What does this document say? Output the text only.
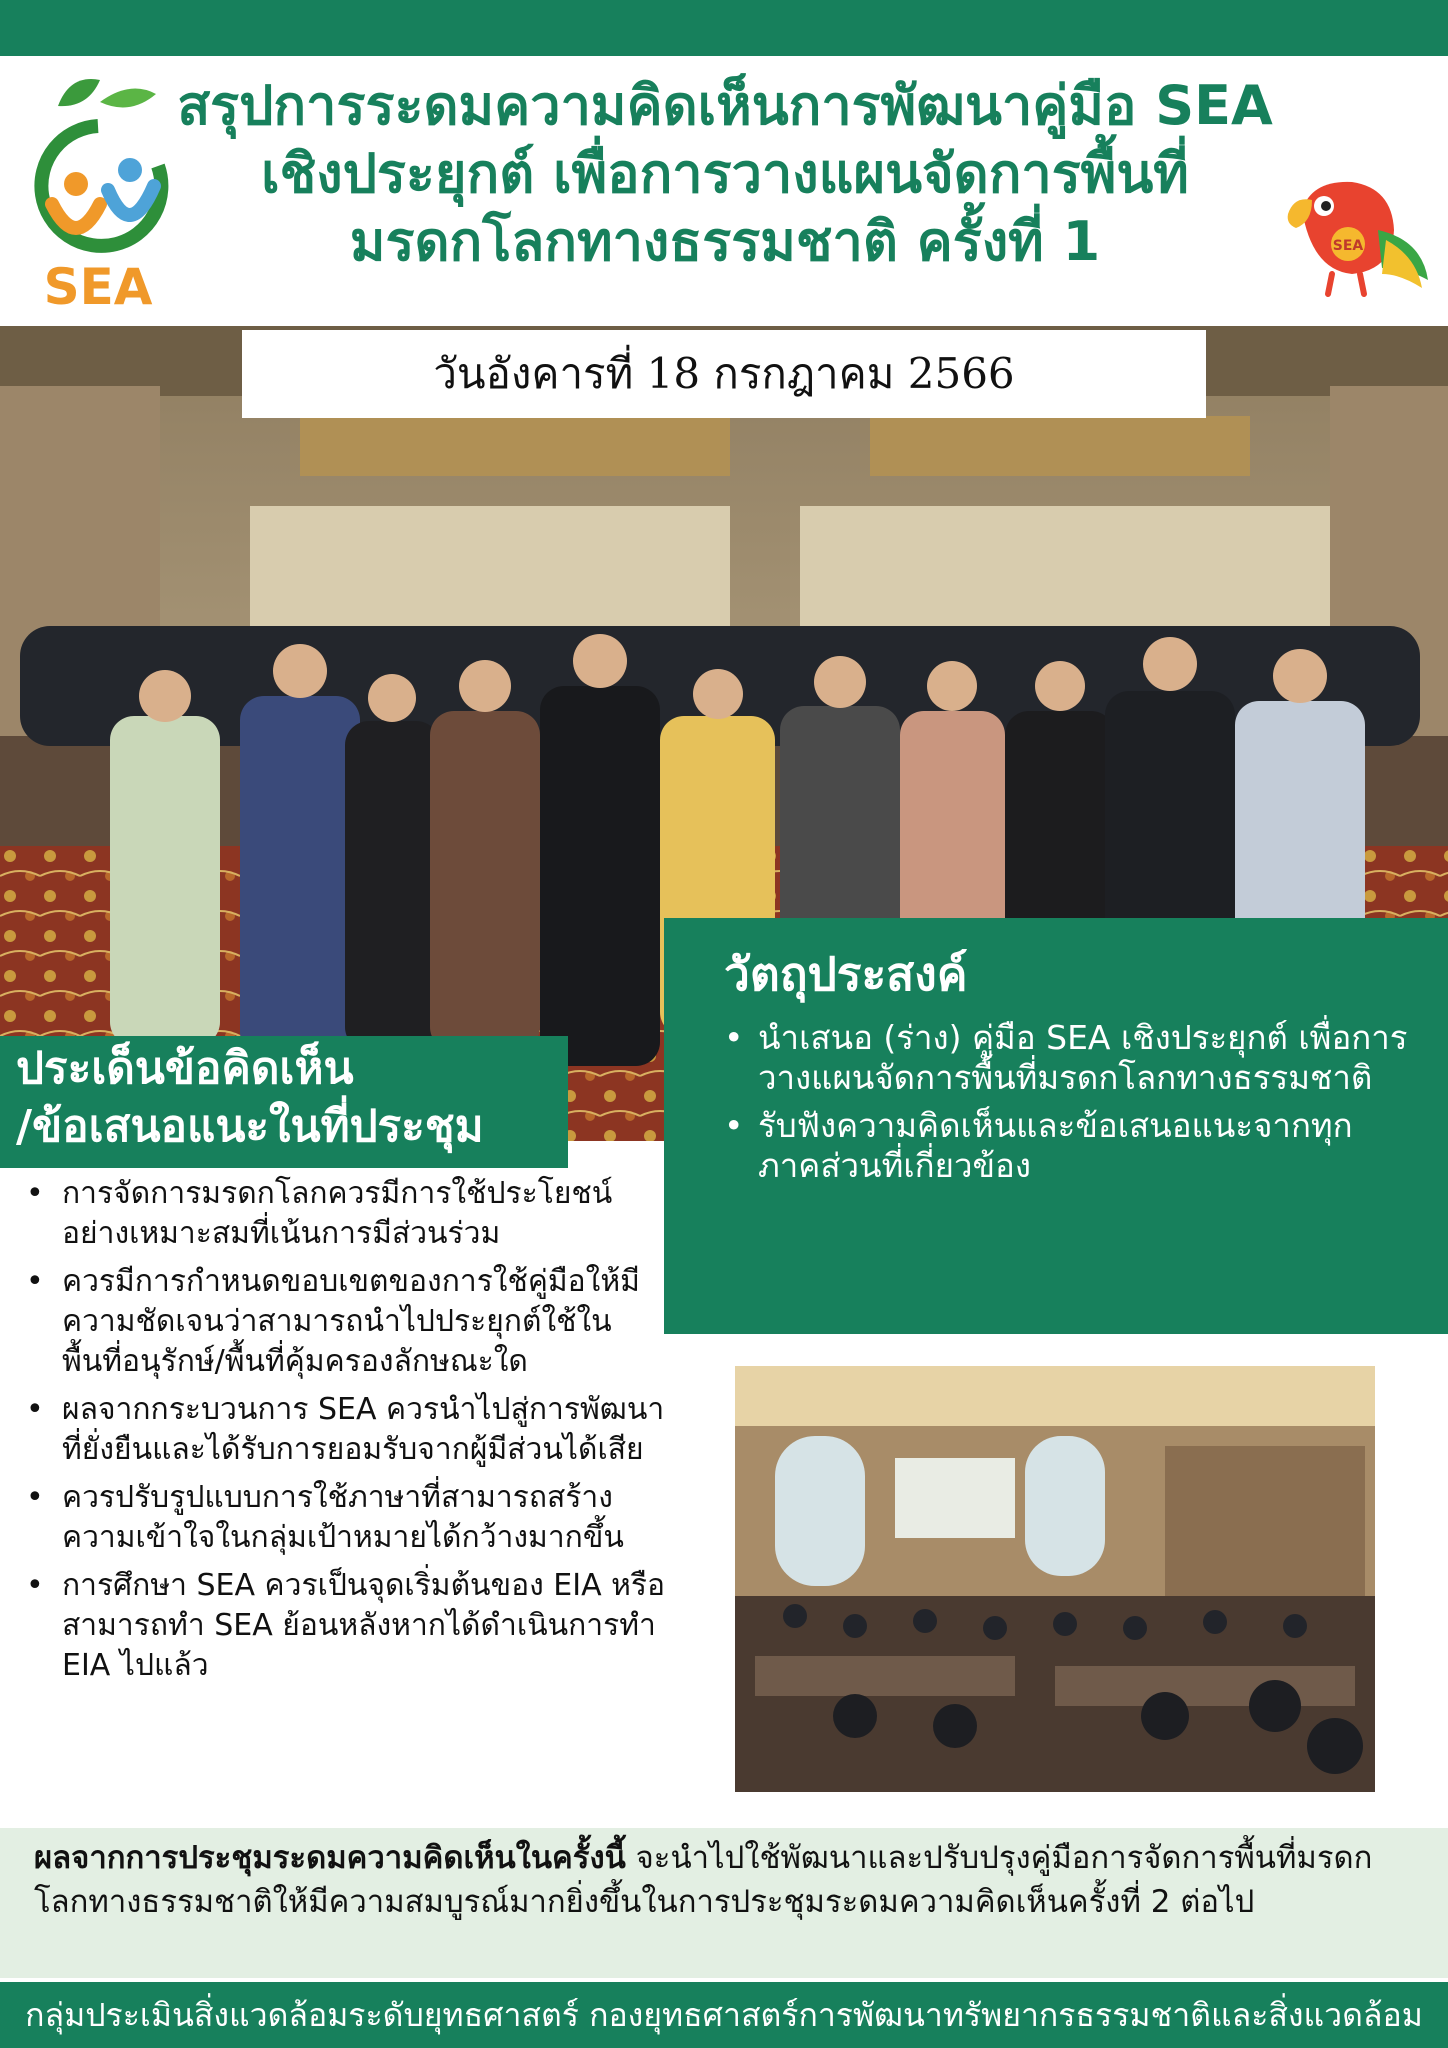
SEA
สรุปการระดมความคิดเห็นการพัฒนาคู่มือ SEA
เชิงประยุกต์ เพื่อการวางแผนจัดการพื้นที่
มรดกโลกทางธรรมชาติ ครั้งที่ 1	SEA
วันอังคารที่ 18 กรกฎาคม 2566
วัตถุประสงค์
• นำเสนอ (ร่าง) คู่มือ SEA เชิงประยุกต์ เพื่อการวางแผนจัดการพื้นที่มรดกโลกทางธรรมชาติ
• รับฟังความคิดเห็นและข้อเสนอแนะจากทุกภาคส่วนที่เกี่ยวข้อง
ประเด็นข้อคิดเห็น
/ข้อเสนอแนะในที่ประชุม
• การจัดการมรดกโลกควรมีการใช้ประโยชน์อย่างเหมาะสมที่เน้นการมีส่วนร่วม
• ควรมีการกำหนดขอบเขตของการใช้คู่มือให้มีความชัดเจนว่าสามารถนำไปประยุกต์ใช้ในพื้นที่อนุรักษ์/พื้นที่คุ้มครองลักษณะใด
• ผลจากกระบวนการ SEA ควรนำไปสู่การพัฒนาที่ยั่งยืนและได้รับการยอมรับจากผู้มีส่วนได้เสีย
• ควรปรับรูปแบบการใช้ภาษาที่สามารถสร้างความเข้าใจในกลุ่มเป้าหมายได้กว้างมากขึ้น
• การศึกษา SEA ควรเป็นจุดเริ่มต้นของ EIA หรือสามารถทำ SEA ย้อนหลังหากได้ดำเนินการทำ EIA ไปแล้ว
ผลจากการประชุมระดมความคิดเห็นในครั้งนี้ จะนำไปใช้พัฒนาและปรับปรุงคู่มือการจัดการพื้นที่มรดกโลกทางธรรมชาติให้มีความสมบูรณ์มากยิ่งขึ้นในการประชุมระดมความคิดเห็นครั้งที่ 2 ต่อไป
กลุ่มประเมินสิ่งแวดล้อมระดับยุทธศาสตร์ กองยุทธศาสตร์การพัฒนาทรัพยากรธรรมชาติและสิ่งแวดล้อม
